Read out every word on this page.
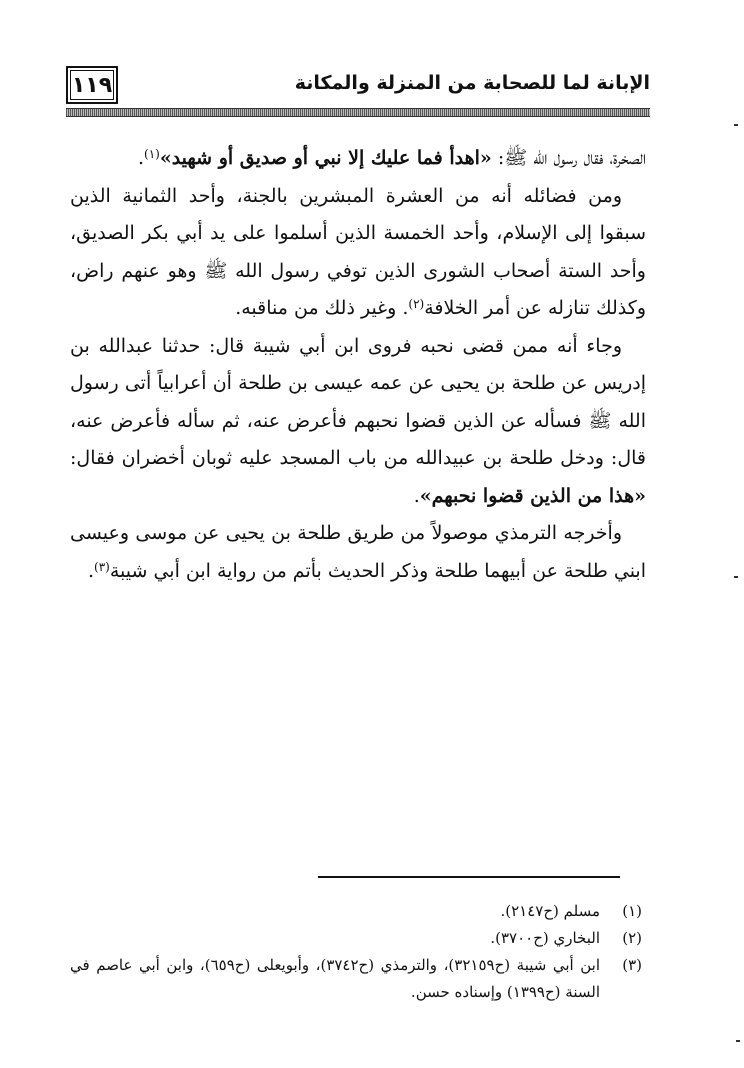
١١٩	الإبانة لما للصحابة من المنزلة والمكانة

الصخرة، فقال رسول الله ﷺ: «اهدأ فما عليك إلا نبي أو صديق أو شهيد»$^{(١)}$.

ومن فضائله أنه من العشرة المبشرين بالجنة، وأحد الثمانية الذين سبقوا إلى الإسلام، وأحد الخمسة الذين أسلموا على يد أبي بكر الصديق، وأحد الستة أصحاب الشورى الذين توفي رسول الله ﷺ وهو عنهم راض، وكذلك تنازله عن أمر الخلافة$^{(٢)}$. وغير ذلك من مناقبه.

وجاء أنه ممن قضى نحبه فروى ابن أبي شيبة قال: حدثنا عبدالله بن إدريس عن طلحة بن يحيى عن عمه عيسى بن طلحة أن أعرابياً أتى رسول الله ﷺ فسأله عن الذين قضوا نحبهم فأعرض عنه، ثم سأله فأعرض عنه، قال: ودخل طلحة بن عبيدالله من باب المسجد عليه ثوبان أخضران فقال: «هذا من الذين قضوا نحبهم».

وأخرجه الترمذي موصولاً من طريق طلحة بن يحيى عن موسى وعيسى ابني طلحة عن أبيهما طلحة وذكر الحديث بأتم من رواية ابن أبي شيبة$^{(٣)}$.

(١)
مسلم (ح٢١٤٧).
(٢)
البخاري (ح٣٧٠٠).
(٣)
ابن أبي شيبة (ح٣٢١٥٩)، والترمذي (ح٣٧٤٢)، وأبويعلى (ح٦٥٩)، وابن أبي عاصم في السنة (ح١٣٩٩) وإسناده حسن.
